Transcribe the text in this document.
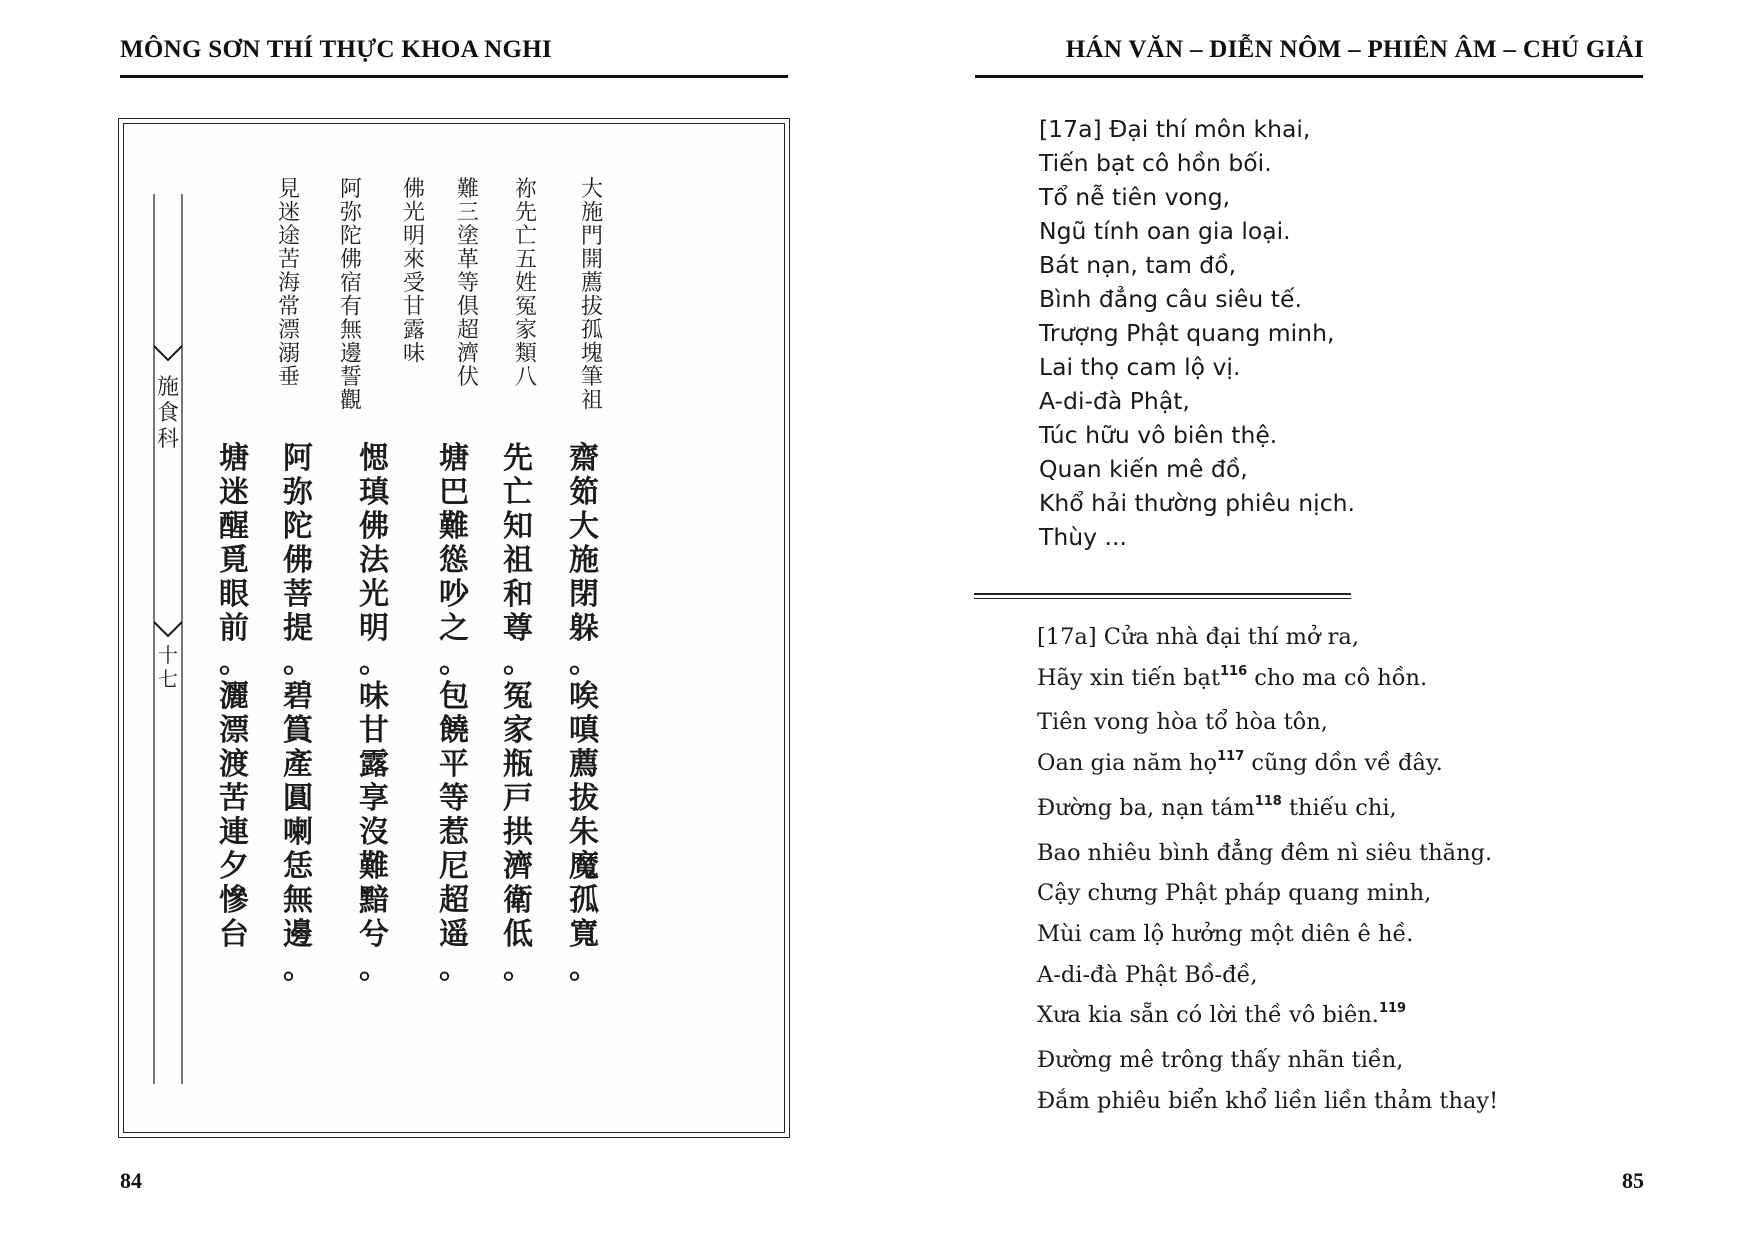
MÔNG SƠN THÍ THỰC KHOA NGHI
施
食
科
十
七
大
施
門
開
薦
拔
孤
塊
筆
祖
祢
先
亡
五
姓
冤
家
類
八
難
三
塗
革
等
俱
超
濟
伏
佛
光
明
來
受
甘
露
味
阿
弥
陀
佛
宿
有
無
邊
誓
觀
見
迷
途
苦
海
常
漂
溺
垂
齋
筎
大
施
閉
躲
。
唉
嗔
薦
拔
朱
魔
孤
寬
。
先
亡
知
祖
和
尊
。
冤
家
瓶
戸
拱
濟
衛
低
。
塘
巴
難
慫
吵
之
。
包
饒
平
等
惹
尼
超
遥
。
愢
瑱
佛
法
光
明
。
味
甘
露
享
沒
難
黯
兮
。
阿
弥
陀
佛
菩
提
。
碧
篔
產
圓
喇
恁
無
邊
。
塘
迷
醒
覓
眼
前
。
灑
漂
渡
苦
連
夕
慘
台
84
HÁN VĂN – DIỄN NÔM – PHIÊN ÂM – CHÚ GIẢI
[17a] Đại thí môn khai,
Tiến bạt cô hồn bối.
Tổ nễ tiên vong,
Ngũ tính oan gia loại.
Bát nạn, tam đồ,
Bình đẳng câu siêu tế.
Trượng Phật quang minh,
Lai thọ cam lộ vị.
A-di-đà Phật,
Túc hữu vô biên thệ.
Quan kiến mê đồ,
Khổ hải thường phiêu nịch.
Thùy ...
[17a] Cửa nhà đại thí mở ra,
Hãy xin tiến bạt$^{116}$ cho ma cô hồn.
Tiên vong hòa tổ hòa tôn,
Oan gia năm họ$^{117}$ cũng dồn về đây.
Đường ba, nạn tám$^{118}$ thiếu chi,
Bao nhiêu bình đẳng đêm nì siêu thăng.
Cậy chưng Phật pháp quang minh,
Mùi cam lộ hưởng một diên ê hề.
A-di-đà Phật Bồ-đề,
Xưa kia sẵn có lời thề vô biên.$^{119}$
Đường mê trông thấy nhãn tiền,
Đắm phiêu biển khổ liền liền thảm thay!
85
